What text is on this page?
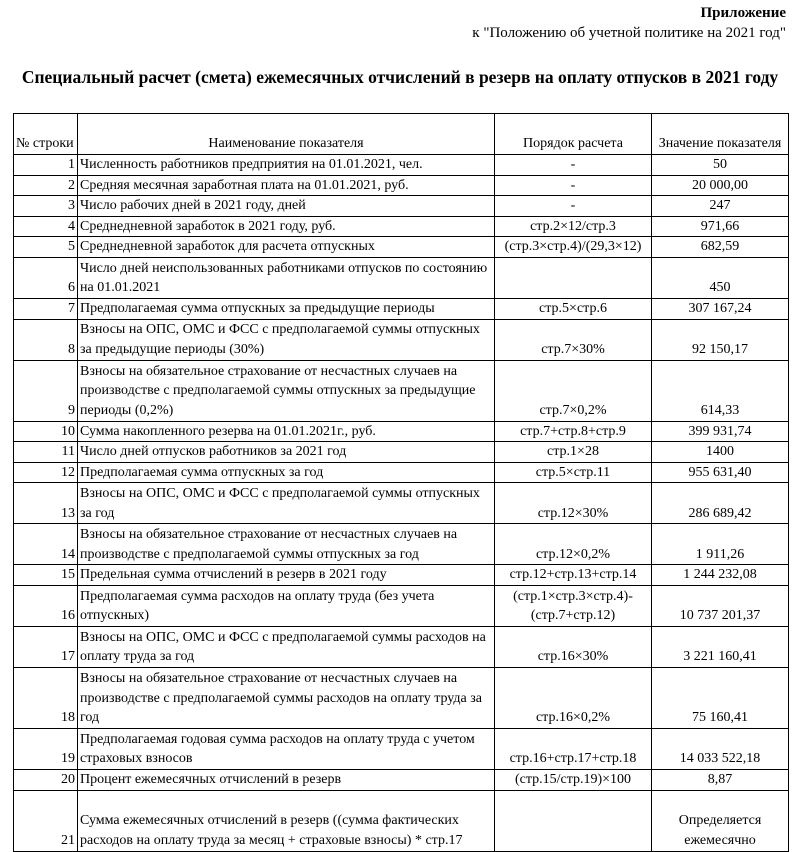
Приложение
к "Положению об учетной политике на 2021 год"
Специальный расчет (смета) ежемесячных отчислений в резерв на оплату отпусков в 2021 году
№ строки	Наименование показателя	Порядок расчета	Значение показателя
1	Численность работников предприятия на 01.01.2021, чел.	-	50
2	Средняя месячная заработная плата на 01.01.2021, руб.	-	20 000,00
3	Число рабочих дней в 2021 году, дней	-	247
4	Среднедневной заработок в 2021 году, руб.	стр.2×12/стр.3	971,66
5	Среднедневной заработок для расчета отпускных	(стр.3×стр.4)/(29,3×12)	682,59
6	Число дней неиспользованных работниками отпусков по состоянию на 01.01.2021		450
7	Предполагаемая сумма отпускных за предыдущие периоды	стр.5×стр.6	307 167,24
8	Взносы на ОПС, ОМС и ФСС с предполагаемой суммы отпускных за предыдущие периоды (30%)	стр.7×30%	92 150,17
9	Взносы на обязательное страхование от несчастных случаев на производстве с предполагаемой суммы отпускных за предыдущие периоды (0,2%)	стр.7×0,2%	614,33
10	Сумма накопленного резерва на 01.01.2021г., руб.	стр.7+стр.8+стр.9	399 931,74
11	Число дней отпусков работников за 2021 год	стр.1×28	1400
12	Предполагаемая сумма отпускных за год	стр.5×стр.11	955 631,40
13	Взносы на ОПС, ОМС и ФСС с предполагаемой суммы отпускных за год	стр.12×30%	286 689,42
14	Взносы на обязательное страхование от несчастных случаев на производстве с предполагаемой суммы отпускных за год	стр.12×0,2%	1 911,26
15	Предельная сумма отчислений в резерв в 2021 году	стр.12+стр.13+стр.14	1 244 232,08
16	Предполагаемая сумма расходов на оплату труда (без учета отпускных)	(стр.1×стр.3×стр.4)-(стр.7+стр.12)	10 737 201,37
17	Взносы на ОПС, ОМС и ФСС с предполагаемой суммы расходов на оплату труда за год	стр.16×30%	3 221 160,41
18	Взносы на обязательное страхование от несчастных случаев на производстве с предполагаемой суммы расходов на оплату труда за год	стр.16×0,2%	75 160,41
19	Предполагаемая годовая сумма расходов на оплату труда с учетом страховых взносов	стр.16+стр.17+стр.18	14 033 522,18
20	Процент ежемесячных отчислений в резерв	(стр.15/стр.19)×100	8,87
21	Сумма ежемесячных отчислений в резерв ((сумма фактических расходов на оплату труда за месяц + страховые взносы) * стр.17		Определяется ежемесячно
